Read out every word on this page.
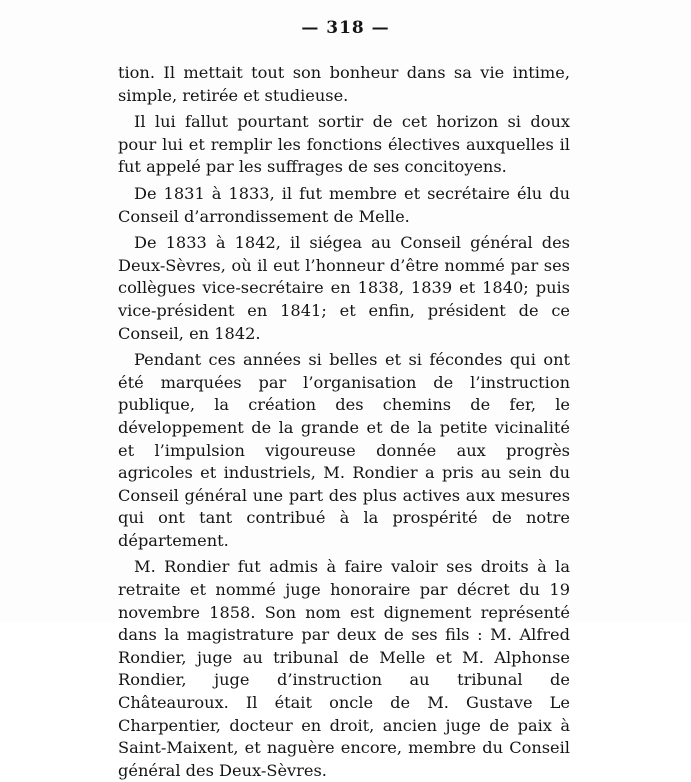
— 318 —

tion. Il mettait tout son bonheur dans sa vie intime, simple, retirée et studieuse.

Il lui fallut pourtant sortir de cet horizon si doux pour lui et remplir les fonctions électives auxquelles il fut appelé par les suffrages de ses concitoyens.

De 1831 à 1833, il fut membre et secrétaire élu du Conseil d’arrondissement de Melle.

De 1833 à 1842, il siégea au Conseil général des Deux-Sèvres, où il eut l’honneur d’être nommé par ses collègues vice-secrétaire en 1838, 1839 et 1840; puis vice-président en 1841; et enfin, président de ce Conseil, en 1842.

Pendant ces années si belles et si fécondes qui ont été marquées par l’organisation de l’instruction publique, la création des chemins de fer, le développement de la grande et de la petite vicinalité et l’impulsion vigoureuse donnée aux progrès agricoles et industriels, M. Rondier a pris au sein du Conseil général une part des plus actives aux mesures qui ont tant contribué à la prospérité de notre département.

M. Rondier fut admis à faire valoir ses droits à la retraite et nommé juge honoraire par décret du 19 novembre 1858. Son nom est dignement représenté dans la magistrature par deux de ses fils : M. Alfred Rondier, juge au tribunal de Melle et M. Alphonse Rondier, juge d’instruction au tribunal de Châteauroux. Il était oncle de M. Gustave Le Charpentier, docteur en droit, ancien juge de paix à Saint-Maixent, et naguère encore, membre du Conseil général des Deux-Sèvres.
